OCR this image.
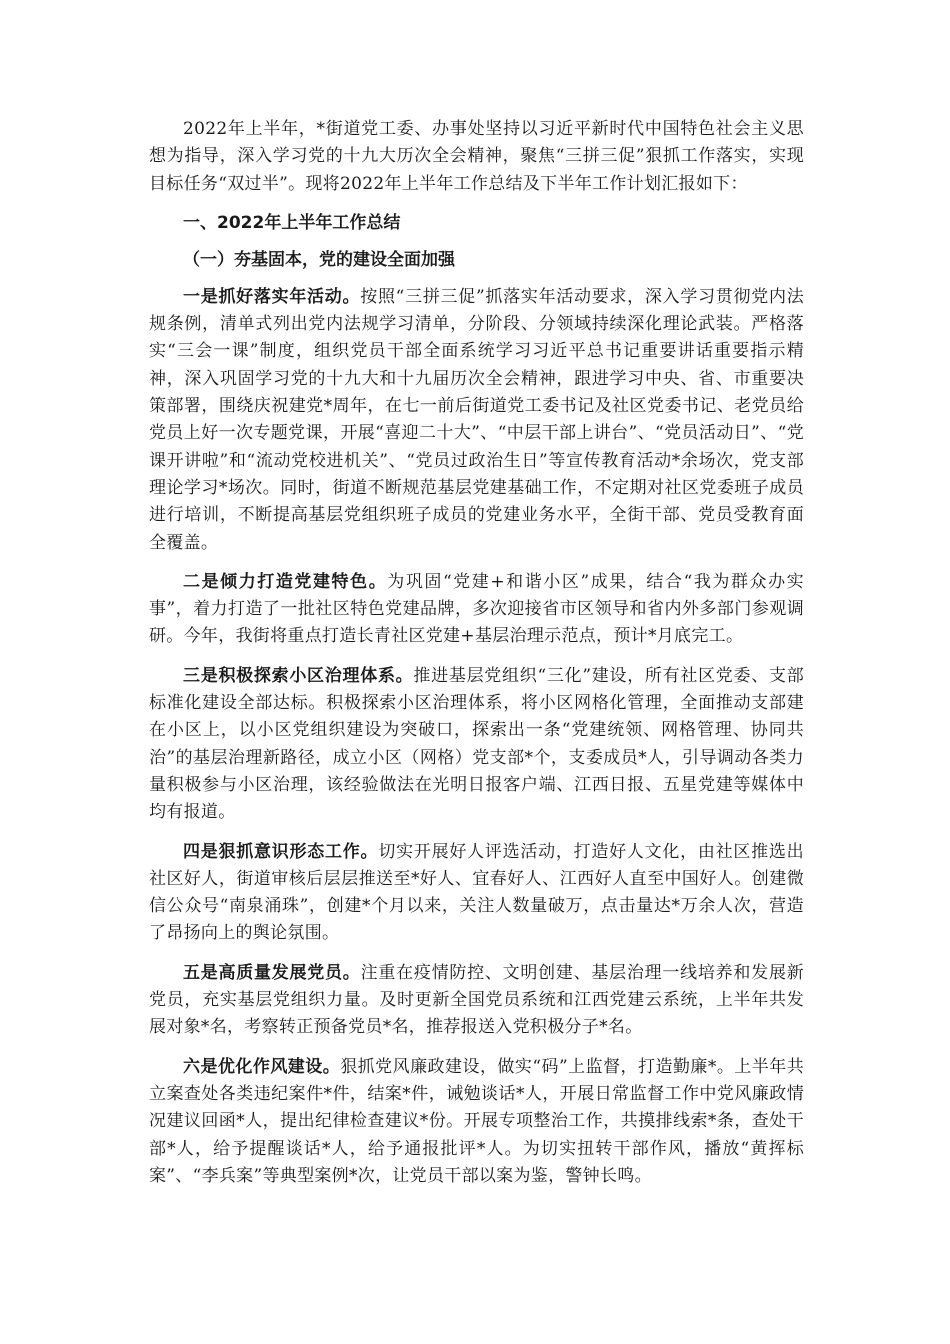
2022年上半年，*街道党工委、办事处坚持以习近平新时代中国特色社会主义思想为指导，深入学习党的十九大历次全会精神，聚焦“三拼三促”狠抓工作落实，实现目标任务“双过半”。现将2022年上半年工作总结及下半年工作计划汇报如下：

一、2022年上半年工作总结

（一）夯基固本，党的建设全面加强

一是抓好落实年活动。按照“三拼三促”抓落实年活动要求，深入学习贯彻党内法规条例，清单式列出党内法规学习清单，分阶段、分领域持续深化理论武装。严格落实“三会一课”制度，组织党员干部全面系统学习习近平总书记重要讲话重要指示精神，深入巩固学习党的十九大和十九届历次全会精神，跟进学习中央、省、市重要决策部署，围绕庆祝建党*周年，在七一前后街道党工委书记及社区党委书记、老党员给党员上好一次专题党课，开展“喜迎二十大”、“中层干部上讲台”、“党员活动日”、“党课开讲啦”和“流动党校进机关”、“党员过政治生日”等宣传教育活动*余场次，党支部理论学习*场次。同时，街道不断规范基层党建基础工作，不定期对社区党委班子成员进行培训，不断提高基层党组织班子成员的党建业务水平，全街干部、党员受教育面全覆盖。

二是倾力打造党建特色。为巩固“党建+和谐小区”成果，结合“我为群众办实事”，着力打造了一批社区特色党建品牌，多次迎接省市区领导和省内外多部门参观调研。今年，我街将重点打造长青社区党建+基层治理示范点，预计*月底完工。

三是积极探索小区治理体系。推进基层党组织“三化”建设，所有社区党委、支部标准化建设全部达标。积极探索小区治理体系，将小区网格化管理，全面推动支部建在小区上，以小区党组织建设为突破口，探索出一条“党建统领、网格管理、协同共治”的基层治理新路径，成立小区（网格）党支部*个，支委成员*人，引导调动各类力量积极参与小区治理，该经验做法在光明日报客户端、江西日报、五星党建等媒体中均有报道。

四是狠抓意识形态工作。切实开展好人评选活动，打造好人文化，由社区推选出社区好人，街道审核后层层推送至*好人、宜春好人、江西好人直至中国好人。创建微信公众号“南泉涌珠”，创建*个月以来，关注人数量破万，点击量达*万余人次，营造了昂扬向上的舆论氛围。

五是高质量发展党员。注重在疫情防控、文明创建、基层治理一线培养和发展新党员，充实基层党组织力量。及时更新全国党员系统和江西党建云系统，上半年共发展对象*名，考察转正预备党员*名，推荐报送入党积极分子*名。

六是优化作风建设。狠抓党风廉政建设，做实“码”上监督，打造勤廉*。上半年共立案查处各类违纪案件*件，结案*件，诫勉谈话*人，开展日常监督工作中党风廉政情况建议回函*人，提出纪律检查建议*份。开展专项整治工作，共摸排线索*条，查处干部*人，给予提醒谈话*人，给予通报批评*人。为切实扭转干部作风，播放“黄挥标案”、“李兵案”等典型案例*次，让党员干部以案为鉴，警钟长鸣。
